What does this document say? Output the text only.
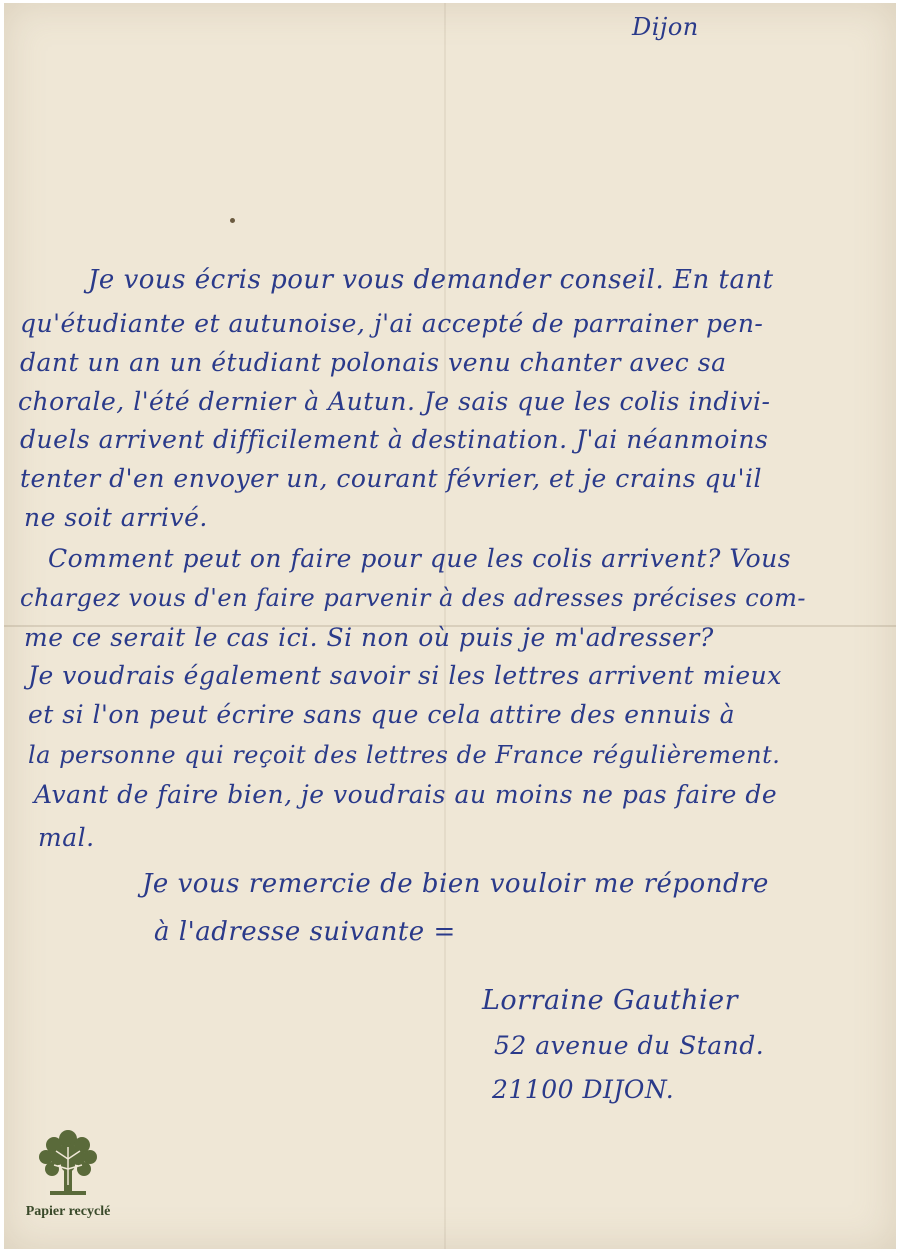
Dijon
Je vous écris pour vous demander conseil. En tant
qu'étudiante et autunoise, j'ai accepté de parrainer pen-
dant un an un étudiant polonais venu chanter avec sa
chorale, l'été dernier à Autun. Je sais que les colis indivi-
duels arrivent difficilement à destination. J'ai néanmoins
tenter d'en envoyer un, courant février, et je crains qu'il
ne soit arrivé.
Comment peut on faire pour que les colis arrivent? Vous
chargez vous d'en faire parvenir à des adresses précises com-
me ce serait le cas ici. Si non où puis je m'adresser?
Je voudrais également savoir si les lettres arrivent mieux
et si l'on peut écrire sans que cela attire des ennuis à
la personne qui reçoit des lettres de France régulièrement.
Avant de faire bien, je voudrais au moins ne pas faire de
mal.
Je vous remercie de bien vouloir me répondre
à l'adresse suivante =
Lorraine Gauthier
52 avenue du Stand.
21100 DIJON.
Papier recyclé
